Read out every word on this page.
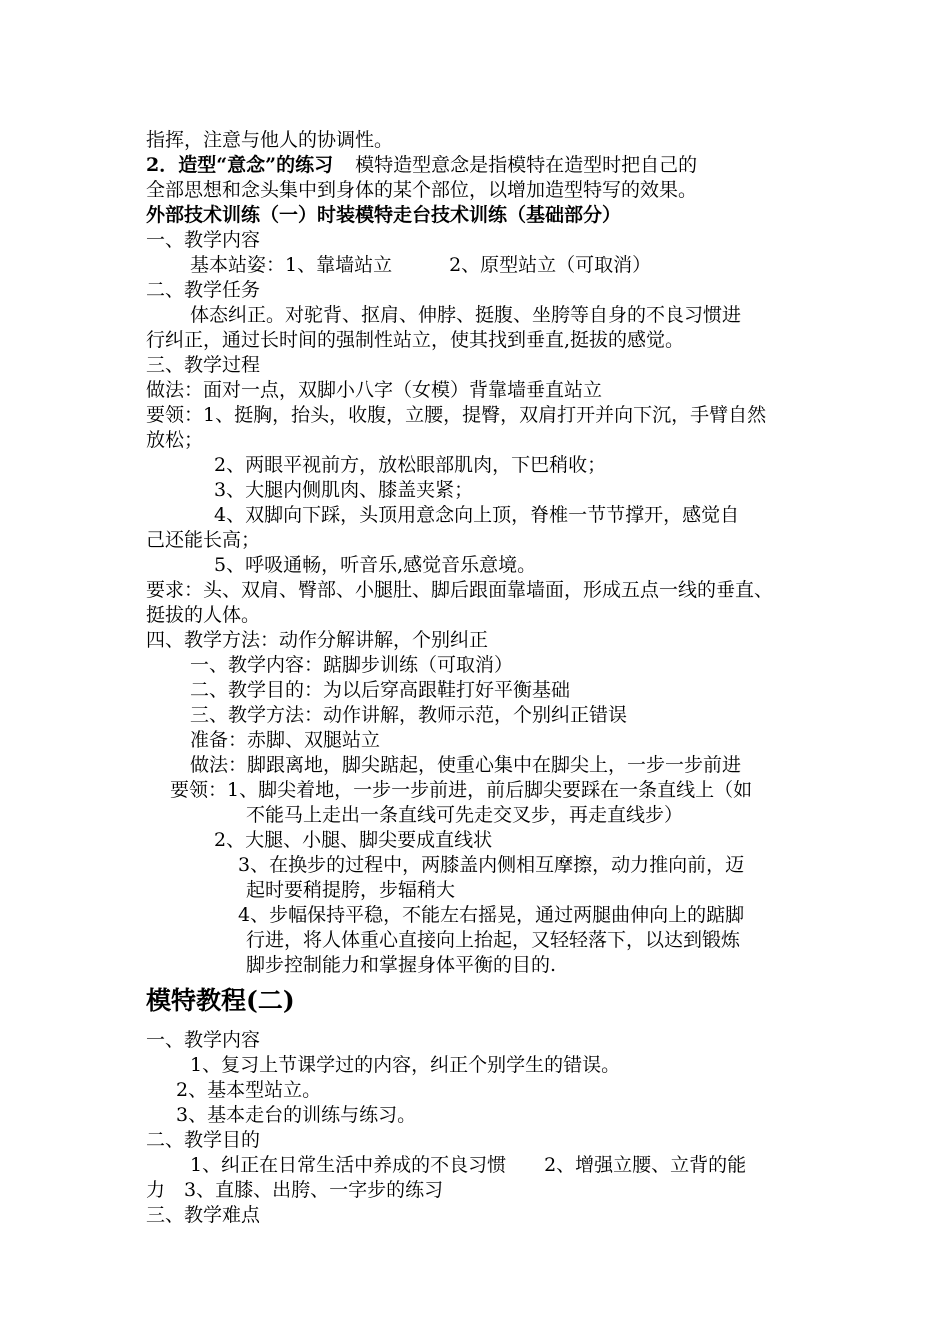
指挥，注意与他人的协调性。
2．造型“意念”的练习 模特造型意念是指模特在造型时把自己的
全部思想和念头集中到身体的某个部位，以增加造型特写的效果。
外部技术训练（一）时装模特走台技术训练（基础部分）
一、教学内容
基本站姿：1、靠墙站立　　　2、原型站立（可取消）
二、教学任务
体态纠正。对驼背、抠肩、伸脖、挺腹、坐胯等自身的不良习惯进
行纠正，通过长时间的强制性站立，使其找到垂直,挺拔的感觉。
三、教学过程
做法：面对一点，双脚小八字（女模）背靠墙垂直站立
要领：1、挺胸，抬头，收腹，立腰，提臀，双肩打开并向下沉，手臂自然
放松；
2、两眼平视前方，放松眼部肌肉，下巴稍收；
3、大腿内侧肌肉、膝盖夹紧；
4、双脚向下踩，头顶用意念向上顶，脊椎一节节撑开，感觉自
己还能长高；
5、呼吸通畅，听音乐,感觉音乐意境。
要求：头、双肩、臀部、小腿肚、脚后跟面靠墙面，形成五点一线的垂直、
挺拔的人体。
四、教学方法：动作分解讲解，个别纠正
一、教学内容：踮脚步训练（可取消）
二、教学目的：为以后穿高跟鞋打好平衡基础
三、教学方法：动作讲解，教师示范，个别纠正错误
准备：赤脚、双腿站立
做法：脚跟离地，脚尖踮起，使重心集中在脚尖上，一步一步前进
要领：1、脚尖着地，一步一步前进，前后脚尖要踩在一条直线上（如
不能马上走出一条直线可先走交叉步，再走直线步）
2、大腿、小腿、脚尖要成直线状
3、在换步的过程中，两膝盖内侧相互摩擦，动力推向前，迈
起时要稍提胯，步辐稍大
4、步幅保持平稳，不能左右摇晃，通过两腿曲伸向上的踮脚
行进，将人体重心直接向上抬起，又轻轻落下，以达到锻炼
脚步控制能力和掌握身体平衡的目的.
模特教程(二)
一、教学内容
1、复习上节课学过的内容，纠正个别学生的错误。
2、基本型站立。
3、基本走台的训练与练习。
二、教学目的
1、纠正在日常生活中养成的不良习惯　　2、增强立腰、立背的能
力　3、直膝、出胯、一字步的练习
三、教学难点
